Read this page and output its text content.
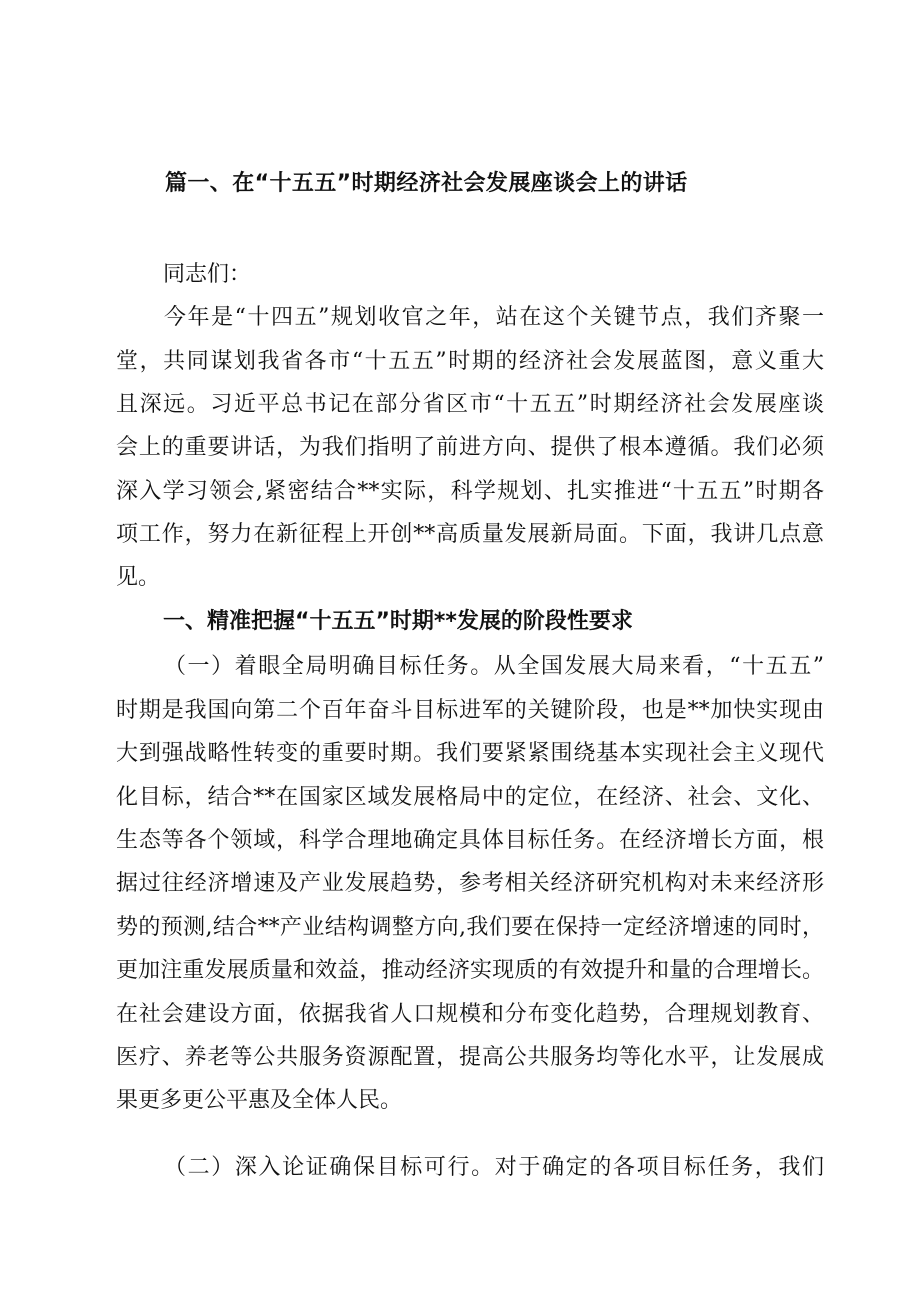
篇一、在“十五五”时期经济社会发展座谈会上的讲话
同志们：
今年是“十四五”规划收官之年，站在这个关键节点，我们齐聚一
堂，共同谋划我省各市“十五五”时期的经济社会发展蓝图，意义重大
且深远。习近平总书记在部分省区市“十五五”时期经济社会发展座谈
会上的重要讲话，为我们指明了前进方向、提供了根本遵循。我们必须
深入学习领会,紧密结合**实际，科学规划、扎实推进“十五五”时期各
项工作，努力在新征程上开创**高质量发展新局面。下面，我讲几点意
见。
一、精准把握“十五五”时期**发展的阶段性要求
（一）着眼全局明确目标任务。从全国发展大局来看，“十五五”
时期是我国向第二个百年奋斗目标进军的关键阶段，也是**加快实现由
大到强战略性转变的重要时期。我们要紧紧围绕基本实现社会主义现代
化目标，结合**在国家区域发展格局中的定位，在经济、社会、文化、
生态等各个领域，科学合理地确定具体目标任务。在经济增长方面，根
据过往经济增速及产业发展趋势，参考相关经济研究机构对未来经济形
势的预测,结合**产业结构调整方向,我们要在保持一定经济增速的同时，
更加注重发展质量和效益，推动经济实现质的有效提升和量的合理增长。
在社会建设方面，依据我省人口规模和分布变化趋势，合理规划教育、
医疗、养老等公共服务资源配置，提高公共服务均等化水平，让发展成
果更多更公平惠及全体人民。
（二）深入论证确保目标可行。对于确定的各项目标任务，我们
